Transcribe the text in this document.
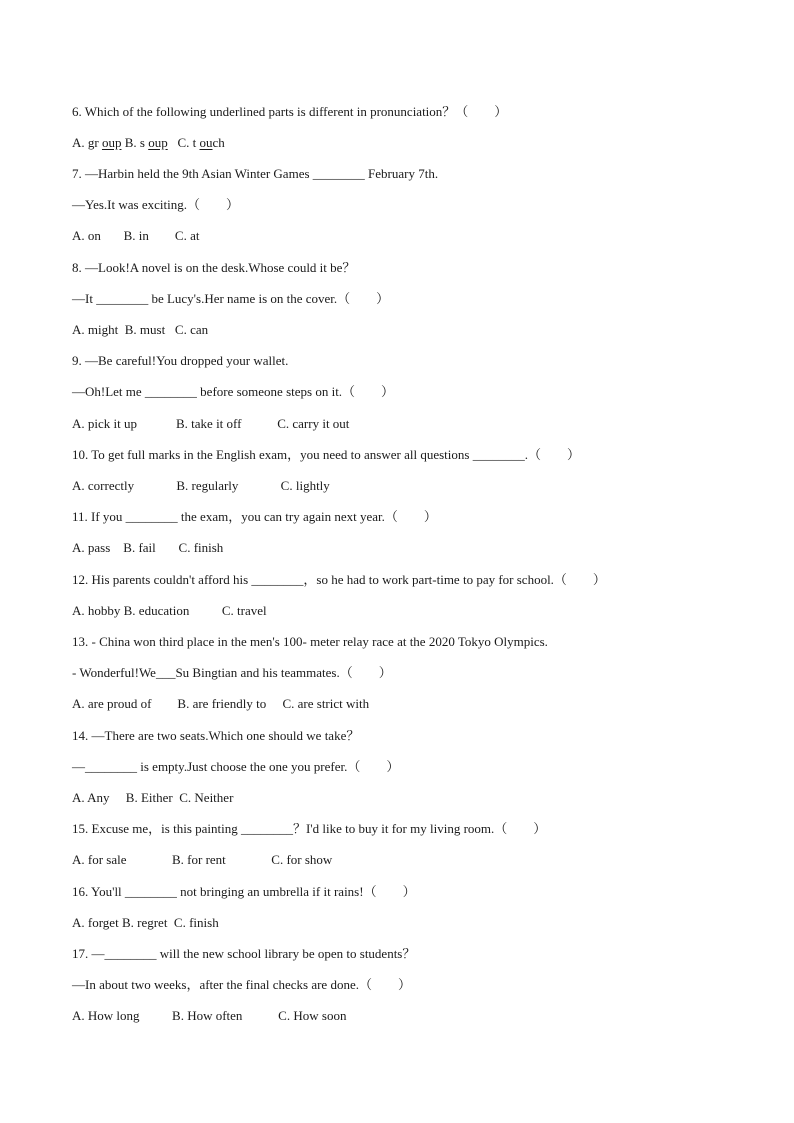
6. Which of the following underlined parts is different in pronunciation？（　　）
A. gr oup B. s oup   C. t ouch
7. —Harbin held the 9th Asian Winter Games ________ February 7th.
—Yes.It was exciting.（　　）
A. on       B. in        C. at
8. —Look!A novel is on the desk.Whose could it be？
—It ________ be Lucy's.Her name is on the cover.（　　）
A. might  B. must   C. can
9. —Be careful!You dropped your wallet.
—Oh!Let me ________ before someone steps on it.（　　）
A. pick it up            B. take it off           C. carry it out
10. To get full marks in the English exam，you need to answer all questions ________.（　　）
A. correctly             B. regularly             C. lightly
11. If you ________ the exam，you can try again next year.（　　）
A. pass    B. fail       C. finish
12. His parents couldn't afford his ________，so he had to work part-time to pay for school.（　　）
A. hobby B. education          C. travel
13. - China won third place in the men's 100- meter relay race at the 2020 Tokyo Olympics.
- Wonderful!We___Su Bingtian and his teammates.（　　）
A. are proud of        B. are friendly to     C. are strict with
14. —There are two seats.Which one should we take？
—________ is empty.Just choose the one you prefer.（　　）
A. Any     B. Either  C. Neither
15. Excuse me，is this painting ________？I'd like to buy it for my living room.（　　）
A. for sale              B. for rent              C. for show
16. You'll ________ not bringing an umbrella if it rains!（　　）
A. forget B. regret  C. finish
17. —________ will the new school library be open to students？
—In about two weeks，after the final checks are done.（　　）
A. How long          B. How often           C. How soon
